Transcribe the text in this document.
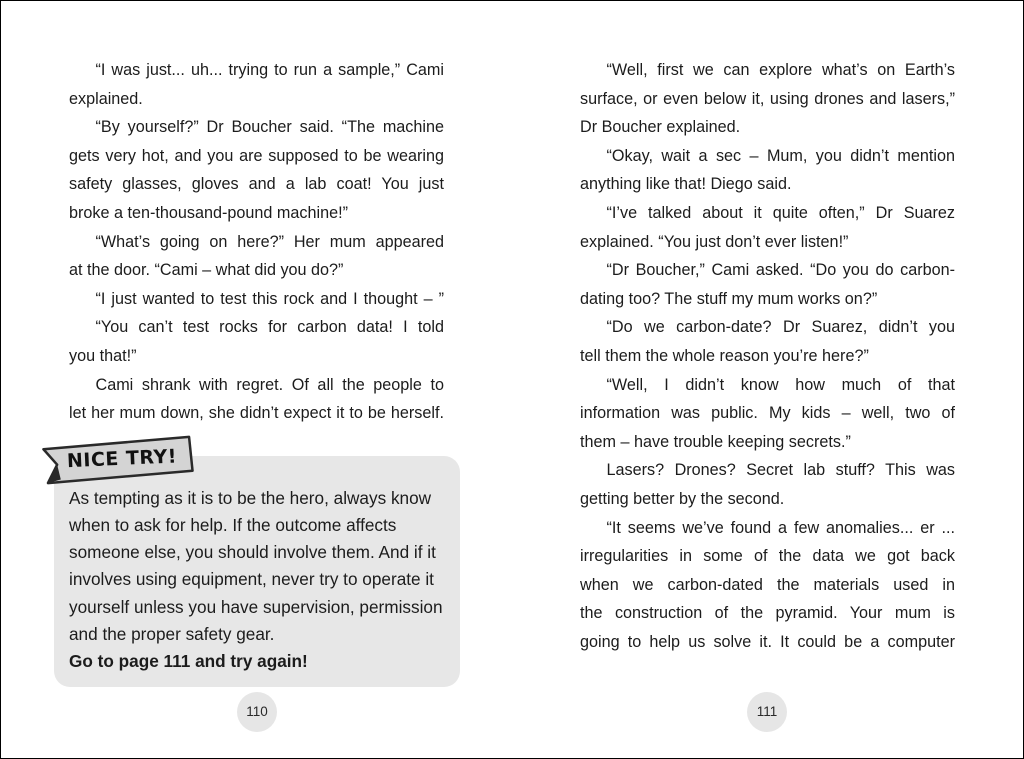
“I was just... uh... trying to run a sample,” Cami
explained.
“By yourself?” Dr Boucher said. “The machine
gets very hot, and you are supposed to be wearing
safety glasses, gloves and a lab coat! You just
broke a ten-thousand-pound machine!”
“What’s going on here?” Her mum appeared
at the door. “Cami – what did you do?”
“I just wanted to test this rock and I thought – ”
“You can’t test rocks for carbon data! I told
you that!”
Cami shrank with regret. Of all the people to
let her mum down, she didn’t expect it to be herself.
As tempting as it is to be the hero, always know
when to ask for help. If the outcome affects
someone else, you should involve them. And if it
involves using equipment, never try to operate it
yourself unless you have supervision, permission
and the proper safety gear.
Go to page 111 and try again!
NICE TRY!
“Well, first we can explore what’s on Earth’s
surface, or even below it, using drones and lasers,”
Dr Boucher explained.
“Okay, wait a sec – Mum, you didn’t mention
anything like that! Diego said.
“I’ve talked about it quite often,” Dr Suarez
explained. “You just don’t ever listen!”
“Dr Boucher,” Cami asked. “Do you do carbon-
dating too? The stuff my mum works on?”
“Do we carbon-date? Dr Suarez, didn’t you
tell them the whole reason you’re here?”
“Well, I didn’t know how much of that
information was public. My kids – well, two of
them – have trouble keeping secrets.”
Lasers? Drones? Secret lab stuff? This was
getting better by the second.
“It seems we’ve found a few anomalies... er ...
irregularities in some of the data we got back
when we carbon-dated the materials used in
the construction of the pyramid. Your mum is
going to help us solve it. It could be a computer
110	111
